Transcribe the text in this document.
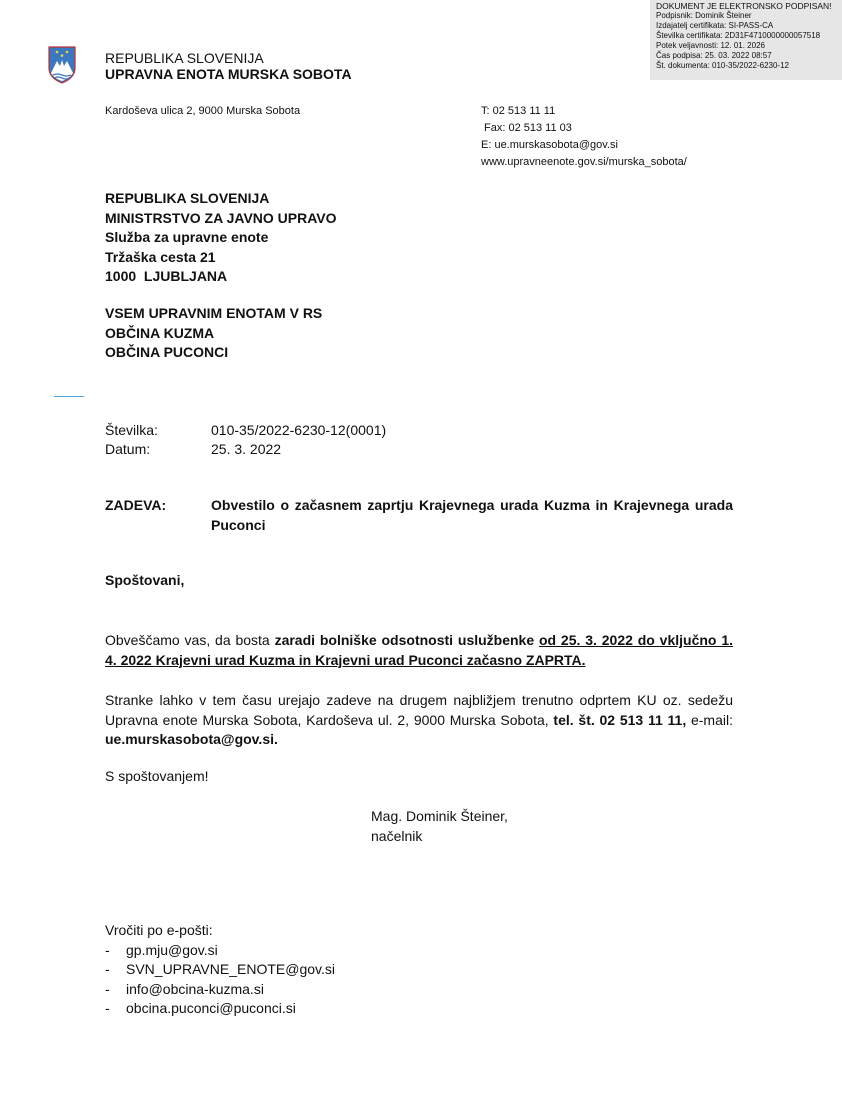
DOKUMENT JE ELEKTRONSKO PODPISAN!
Podpisnik: Dominik Šteiner
Izdajatelj certifikata: SI-PASS-CA
Številka certifikata: 2D31F4710000000057518
Potek veljavnosti: 12. 01. 2026
Čas podpisa: 25. 03. 2022 08:57
Št. dokumenta: 010-35/2022-6230-12
REPUBLIKA SLOVENIJA
UPRAVNA ENOTA MURSKA SOBOTA
Kardoševa ulica 2, 9000 Murska Sobota	T: 02 513 11 11
Fax: 02 513 11 03
E: ue.murskasobota@gov.si
www.upravneenote.gov.si/murska_sobota/
REPUBLIKA SLOVENIJA
MINISTRSTVO ZA JAVNO UPRAVO
Služba za upravne enote
Tržaška cesta 21
1000  LJUBLJANA
VSEM UPRAVNIM ENOTAM V RS
OBČINA KUZMA
OBČINA PUCONCI
Številka:	010-35/2022-6230-12(0001)
Datum:	25. 3. 2022
ZADEVA:	Obvestilo o začasnem zaprtju Krajevnega urada Kuzma in Krajevnega urada Puconci
Spoštovani,
Obveščamo vas, da bosta zaradi bolniške odsotnosti uslužbenke od 25. 3. 2022 do vključno 1. 4. 2022 Krajevni urad Kuzma in Krajevni urad Puconci začasno ZAPRTA.
Stranke lahko v tem času urejajo zadeve na drugem najbližjem trenutno odprtem KU oz. sedežu Upravna enote Murska Sobota, Kardoševa ul. 2, 9000 Murska Sobota, tel. št. 02 513 11 11, e-mail: ue.murskasobota@gov.si.
S spoštovanjem!
Mag. Dominik Šteiner,
načelnik
Vročiti po e-pošti:
-	gp.mju@gov.si
-	SVN_UPRAVNE_ENOTE@gov.si
-	info@obcina-kuzma.si
-	obcina.puconci@puconci.si
